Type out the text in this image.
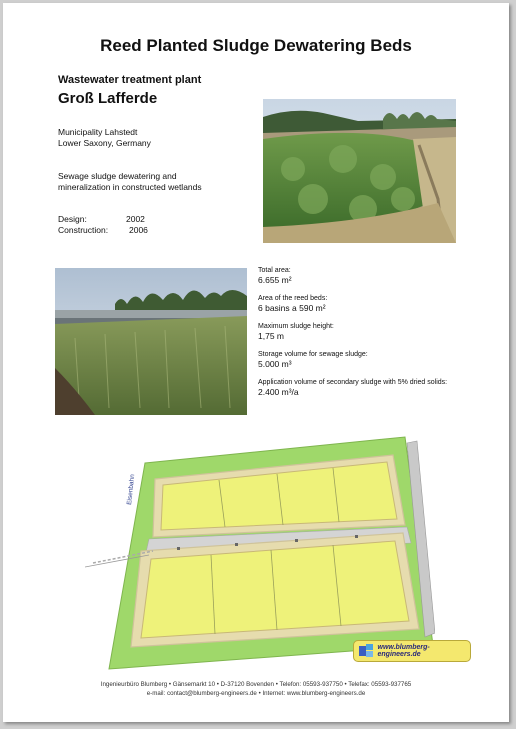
Reed Planted Sludge Dewatering Beds
Wastewater treatment plant
Groß Lafferde
Municipality Lahstedt
Lower Saxony, Germany
Sewage sludge dewatering and
mineralization in constructed wetlands
Design:	2002
Construction:	2006
Total area:
6.655 m²
Area of the reed beds:
6 basins a 590 m²
Maximum sludge height:
1,75 m
Storage volume for sewage sludge:
5.000 m³
Application volume of secondary sludge with 5% dried solids:
2.400 m³/a
Eisenbahn
www.blumberg-engineers.de
Ingenieurbüro Blumberg • Gänsemarkt 10 • D-37120 Bovenden • Telefon: 05593-937750 • Telefax: 05593-937765
e-mail: contact@blumberg-engineers.de • Internet: www.blumberg-engineers.de
